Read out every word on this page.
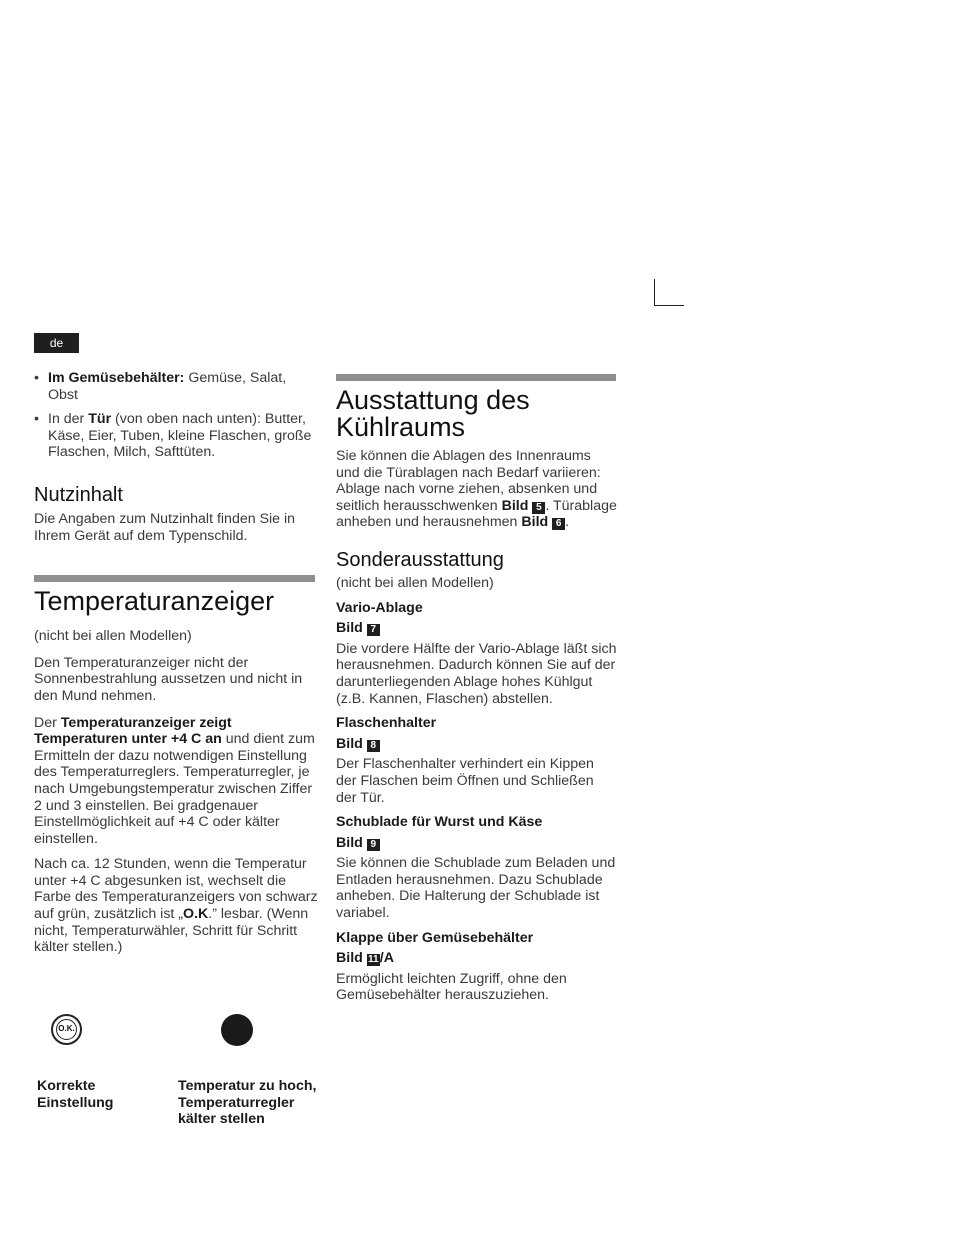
de

• Im Gemüsebehälter: Gemüse, Salat, Obst

• In der Tür (von oben nach unten): Butter, Käse, Eier, Tuben, kleine Flaschen, große Flaschen, Milch, Safttüten.

Nutzinhalt

Die Angaben zum Nutzinhalt finden Sie in Ihrem Gerät auf dem Typenschild.

Temperaturanzeiger

(nicht bei allen Modellen)

Den Temperaturanzeiger nicht der Sonnenbestrahlung aussetzen und nicht in den Mund nehmen.

Der Temperaturanzeiger zeigt Temperaturen unter +4 C an und dient zum Ermitteln der dazu notwendigen Einstellung des Temperaturreglers. Temperaturregler, je nach Umgebungstemperatur zwischen Ziffer 2 und 3 einstellen. Bei gradgenauer Einstellmöglichkeit auf +4 C oder kälter einstellen.

Nach ca. 12 Stunden, wenn die Temperatur unter +4 C abgesunken ist, wechselt die Farbe des Temperaturanzeigers von schwarz auf grün, zusätzlich ist „O.K.” lesbar. (Wenn nicht, Temperaturwähler, Schritt für Schritt kälter stellen.)

O.K.
Korrekte Einstellung
Temperatur zu hoch, Temperaturregler kälter stellen
Ausstattung des Kühlraums

Sie können die Ablagen des Innenraums und die Türablagen nach Bedarf variieren: Ablage nach vorne ziehen, absenken und seitlich herausschwenken Bild 5 . Türablage anheben und herausnehmen Bild 6 .

Sonderausstattung

(nicht bei allen Modellen)

Vario-Ablage

Bild 7

Die vordere Hälfte der Vario-Ablage läßt sich herausnehmen. Dadurch können Sie auf der darunterliegenden Ablage hohes Kühlgut (z.B. Kannen, Flaschen) abstellen.

Flaschenhalter

Bild 8

Der Flaschenhalter verhindert ein Kippen der Flaschen beim Öffnen und Schließen der Tür.

Schublade für Wurst und Käse

Bild 9

Sie können die Schublade zum Beladen und Entladen herausnehmen. Dazu Schublade anheben. Die Halterung der Schublade ist variabel.

Klappe über Gemüsebehälter

Bild 11/A

Ermöglicht leichten Zugriff, ohne den Gemüsebehälter herauszuziehen.
